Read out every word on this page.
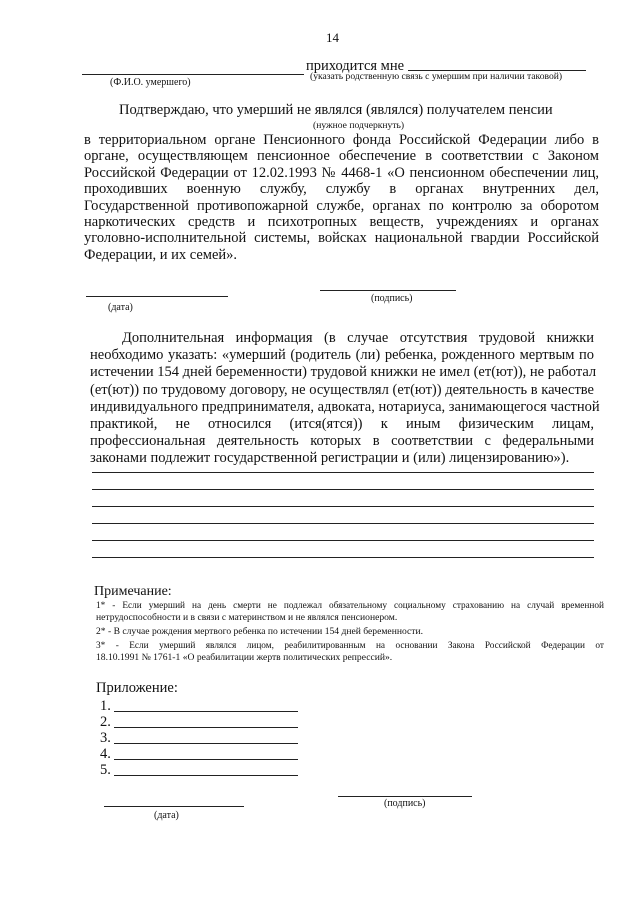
14
приходится мне
(Ф.И.О. умершего)
(указать родственную связь с умершим при наличии таковой)
Подтверждаю, что умерший не являлся (являлся) получателем пенсии
(нужное подчеркнуть)
в территориальном органе Пенсионного фонда Российской Федерации либо в
органе, осуществляющем пенсионное обеспечение в соответствии с Законом
Российской Федерации от 12.02.1993 № 4468-1 «О пенсионном обеспечении лиц,
проходивших военную службу, службу в органах внутренних дел,
Государственной противопожарной службе, органах по контролю за оборотом
наркотических средств и психотропных веществ, учреждениях и органах
уголовно-исполнительной системы, войсках национальной гвардии Российской
Федерации, и их семей».
(дата)
(подпись)
Дополнительная информация (в случае отсутствия трудовой книжки
необходимо указать: «умерший (родитель (ли) ребенка, рожденного мертвым по
истечении 154 дней беременности) трудовой книжки не имел (ет(ют)), не работал
(ет(ют)) по трудовому договору, не осуществлял (ет(ют)) деятельность в качестве
индивидуального предпринимателя, адвоката, нотариуса, занимающегося частной
практикой, не относился (ится(ятся)) к иным физическим лицам,
профессиональная деятельность которых в соответствии с федеральными
законами подлежит государственной регистрации и (или) лицензированию»).
Примечание:
1* - Если умерший на день смерти не подлежал обязательному социальному страхованию на случай временной
нетрудоспособности и в связи с материнством и не являлся пенсионером.
2* - В случае рождения мертвого ребенка по истечении 154 дней беременности.
3* - Если умерший являлся лицом, реабилитированным на основании Закона Российской Федерации от
18.10.1991 № 1761-1 «О реабилитации жертв политических репрессий».
Приложение:
1.
2.
3.
4.
5.
(дата)
(подпись)
